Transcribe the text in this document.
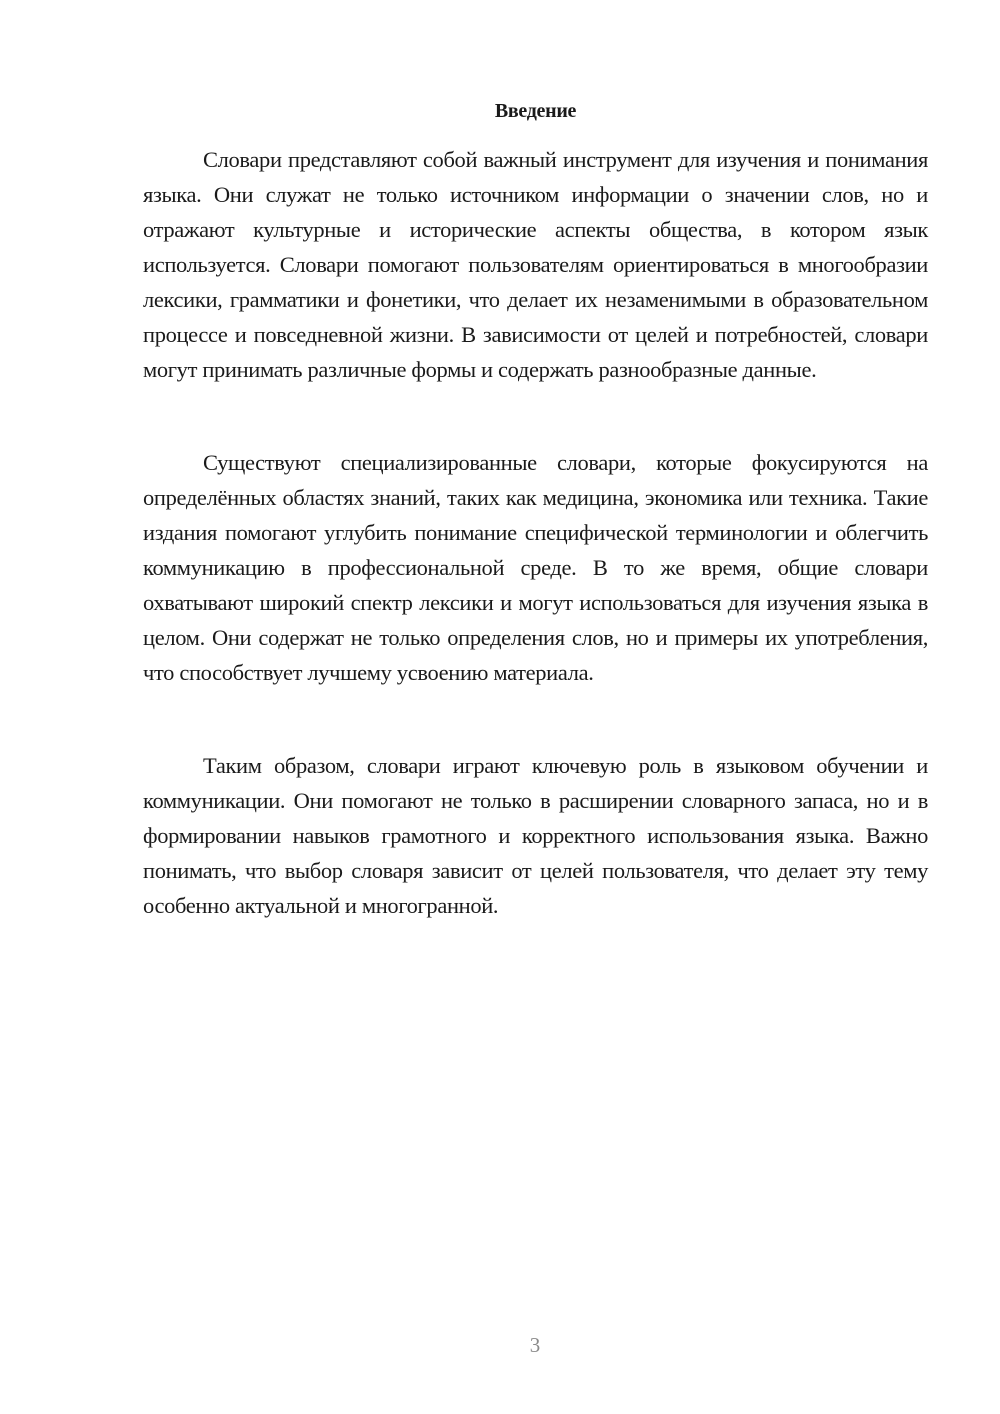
Введение

Словари представляют собой важный инструмент для изучения и понимания языка. Они служат не только источником информации о значении слов, но и отражают культурные и исторические аспекты общества, в котором язык используется. Словари помогают пользователям ориентироваться в многообразии лексики, грамматики и фонетики, что делает их незаменимыми в образовательном процессе и повседневной жизни. В зависимости от целей и потребностей, словари могут принимать различные формы и содержать разнообразные данные.

Существуют специализированные словари, которые фокусируются на определённых областях знаний, таких как медицина, экономика или техника. Такие издания помогают углубить понимание специфической терминологии и облегчить коммуникацию в профессиональной среде. В то же время, общие словари охватывают широкий спектр лексики и могут использоваться для изучения языка в целом. Они содержат не только определения слов, но и примеры их употребления, что способствует лучшему усвоению материала.

Таким образом, словари играют ключевую роль в языковом обучении и коммуникации. Они помогают не только в расширении словарного запаса, но и в формировании навыков грамотного и корректного использования языка. Важно понимать, что выбор словаря зависит от целей пользователя, что делает эту тему особенно актуальной и многогранной.

3
